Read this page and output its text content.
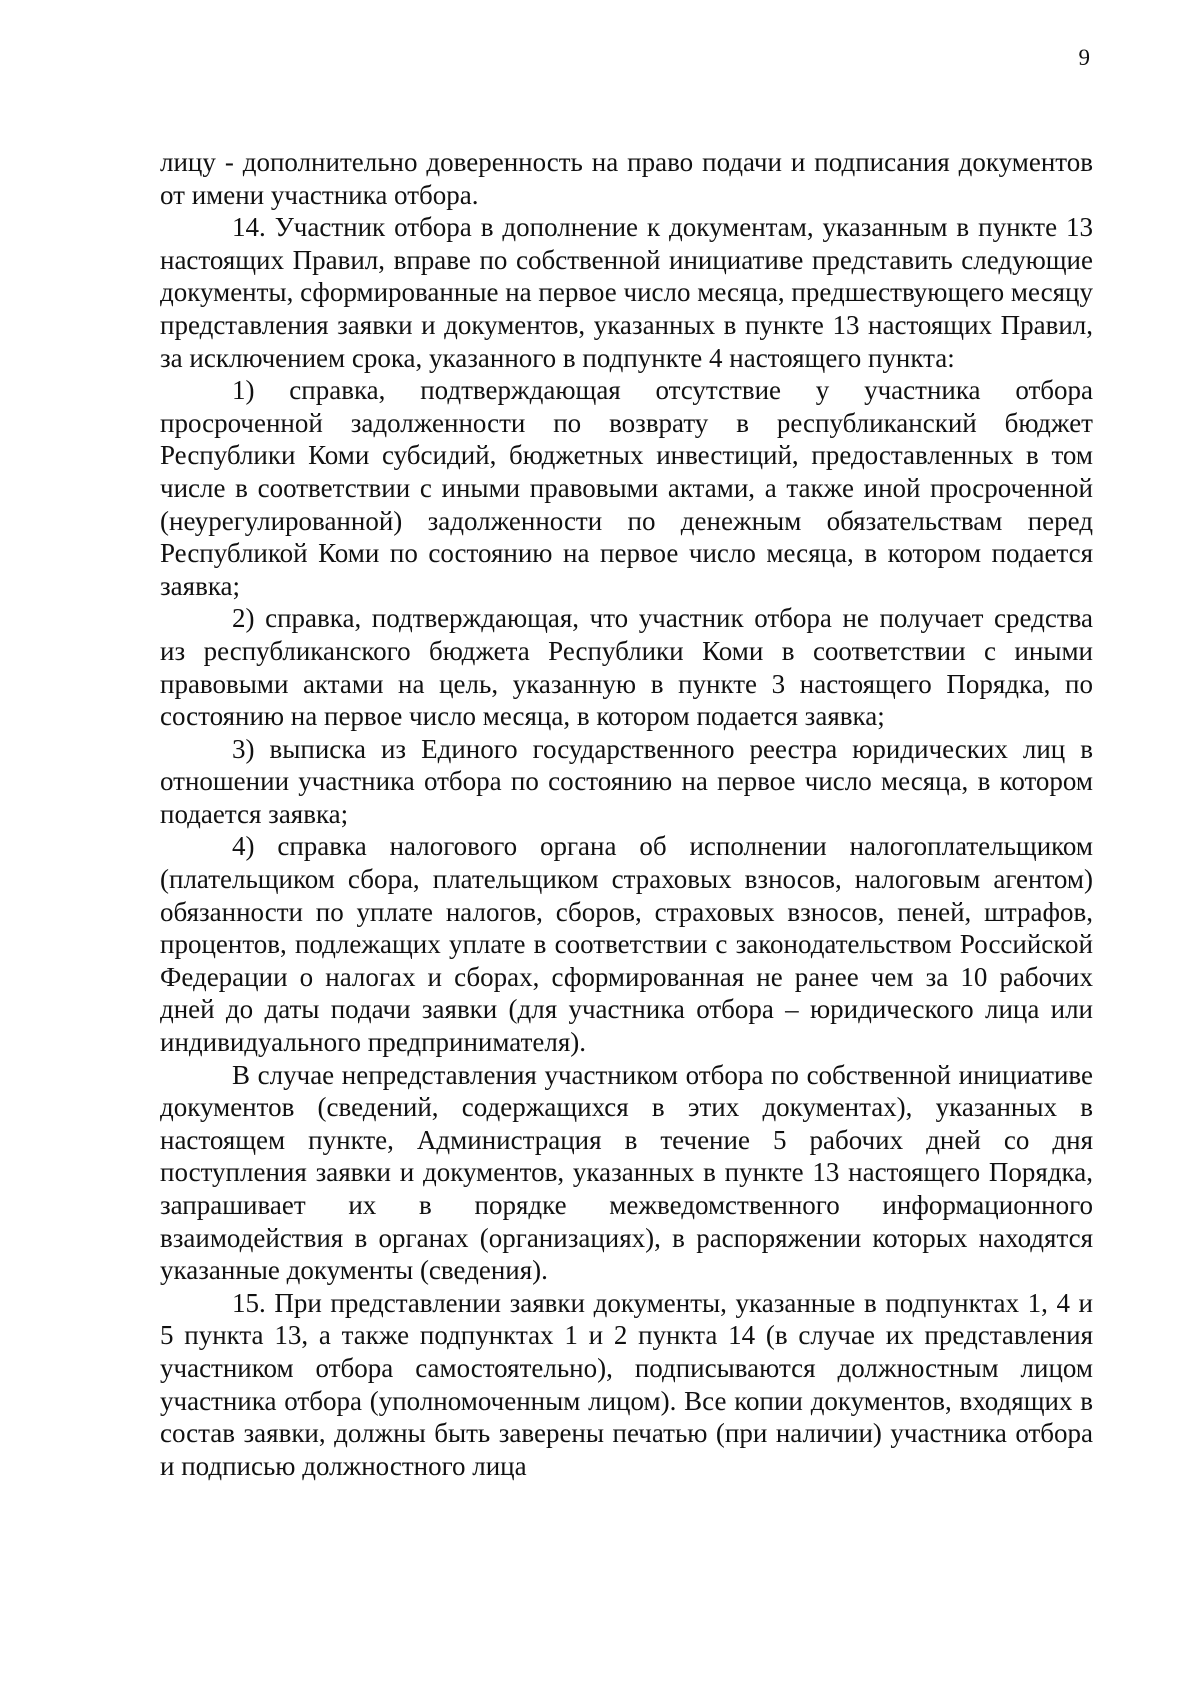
9

лицу - дополнительно доверенность на право подачи и подписания документов от имени участника отбора.

14. Участник отбора в дополнение к документам, указанным в пункте 13 настоящих Правил, вправе по собственной инициативе представить следующие документы, сформированные на первое число месяца, предшествующего месяцу представления заявки и документов, указанных в пункте 13 настоящих Правил, за исключением срока, указанного в подпункте 4 настоящего пункта:

1) справка, подтверждающая отсутствие у участника отбора просроченной задолженности по возврату в республиканский бюджет Республики Коми субсидий, бюджетных инвестиций, предоставленных в том числе в соответствии с иными правовыми актами, а также иной просроченной (неурегулированной) задолженности по денежным обязательствам перед Республикой Коми по состоянию на первое число месяца, в котором подается заявка;

2) справка, подтверждающая, что участник отбора не получает средства из республиканского бюджета Республики Коми в соответствии с иными правовыми актами на цель, указанную в пункте 3 настоящего Порядка, по состоянию на первое число месяца, в котором подается заявка;

3) выписка из Единого государственного реестра юридических лиц в отношении участника отбора по состоянию на первое число месяца, в котором подается заявка;

4) справка налогового органа об исполнении налогоплательщиком (плательщиком сбора, плательщиком страховых взносов, налоговым агентом) обязанности по уплате налогов, сборов, страховых взносов, пеней, штрафов, процентов, подлежащих уплате в соответствии с законодательством Российской Федерации о налогах и сборах, сформированная не ранее чем за 10 рабочих дней до даты подачи заявки (для участника отбора – юридического лица или индивидуального предпринимателя).

В случае непредставления участником отбора по собственной инициативе документов (сведений, содержащихся в этих документах), указанных в настоящем пункте, Администрация в течение 5 рабочих дней со дня поступления заявки и документов, указанных в пункте 13 настоящего Порядка, запрашивает их в порядке межведомственного информационного взаимодействия в органах (организациях), в распоряжении которых находятся указанные документы (сведения).

15. При представлении заявки документы, указанные в подпунктах 1, 4 и 5 пункта 13, а также подпунктах 1 и 2 пункта 14 (в случае их представления участником отбора самостоятельно), подписываются должностным лицом участника отбора (уполномоченным лицом). Все копии документов, входящих в состав заявки, должны быть заверены печатью (при наличии) участника отбора и подписью должностного лица
